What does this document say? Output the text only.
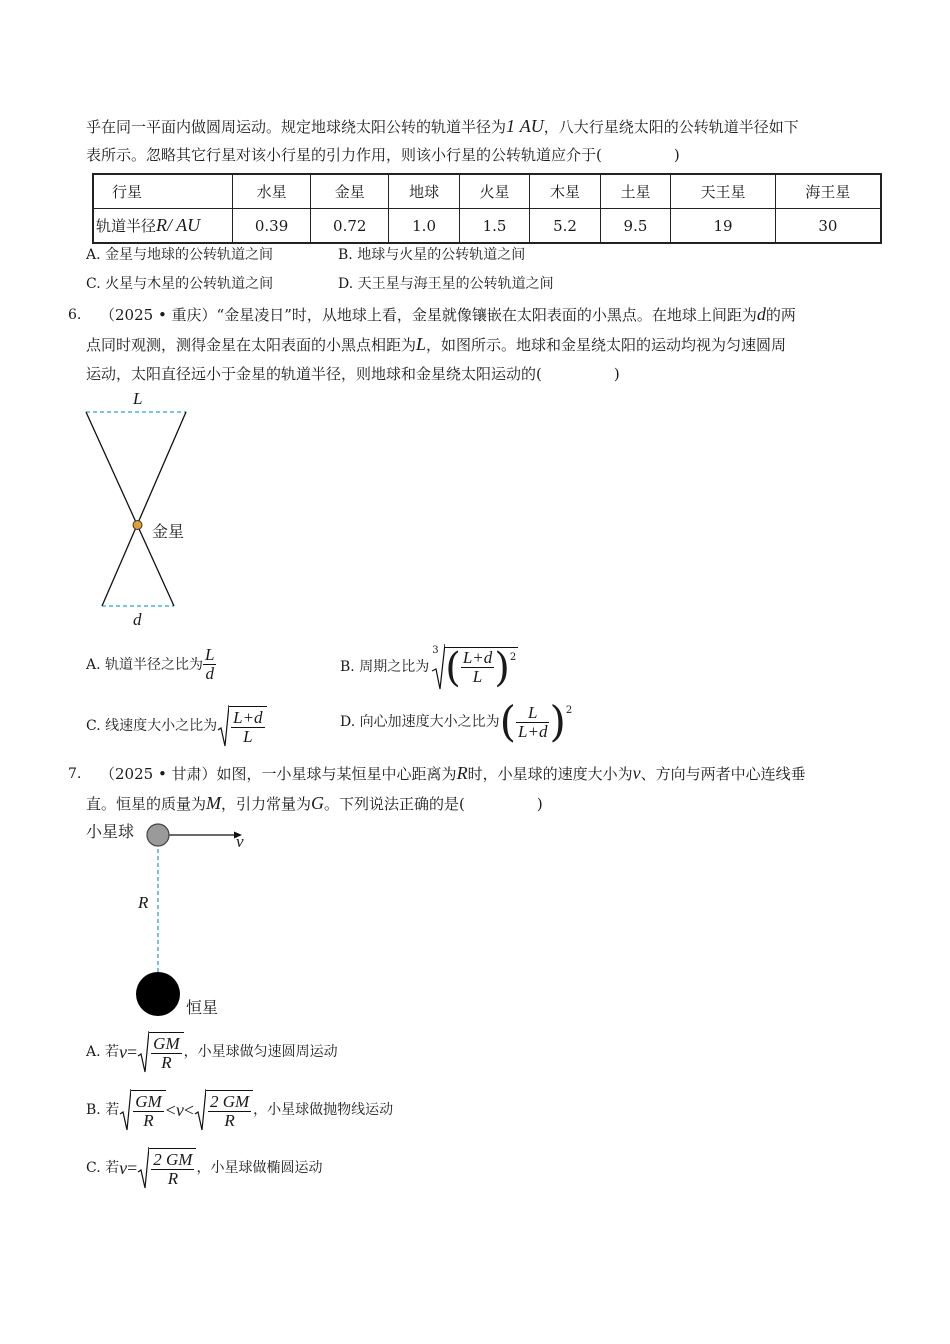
乎在同一平面内做圆周运动。规定地球绕太阳公转的轨道半径为1 AU，八大行星绕太阳的公转轨道半径如下
表所示。忽略其它行星对该小行星的引力作用，则该小行星的公转轨道应介于(	)
行星	水星	金星	地球	火星	木星	土星	天王星	海王星
轨道半径R/ AU	0.39	0.72	1.0	1.5	5.2	9.5	19	30
A. 金星与地球的公转轨道之间	B. 地球与火星的公转轨道之间
C. 火星与木星的公转轨道之间	D. 天王星与海王星的公转轨道之间
6. （2025 • 重庆）“金星凌日”时，从地球上看，金星就像镶嵌在太阳表面的小黑点。在地球上间距为d的两
点同时观测，测得金星在太阳表面的小黑点相距为L，如图所示。地球和金星绕太阳的运动均视为匀速圆周
运动，太阳直径远小于金星的轨道半径，则地球和金星绕太阳运动的(	)
L
d
金星
A. 轨道半径之比为 $\frac{L}{d}$	B. 周期之比为
3 ( $\frac{L+d}{L}$ ) 2
C. 线速度大小之比为 $\frac{L+d}{L}$	D. 向心加速度大小之比为 ( $\frac{L}{L+d}$ ) 2
7. （2025 • 甘肃）如图，一小星球与某恒星中心距离为R时，小星球的速度大小为v、方向与两者中心连线垂
直。恒星的质量为M，引力常量为G。下列说法正确的是(	)
小星球
v
R
恒星
A. 若 $v = \frac{GM}{R}$ ，小星球做匀速圆周运动
B. 若 $\frac{GM}{R} < v < \frac{2 GM}{R}$ ，小星球做抛物线运动
C. 若 $v = \frac{2 GM}{R}$ ，小星球做椭圆运动
